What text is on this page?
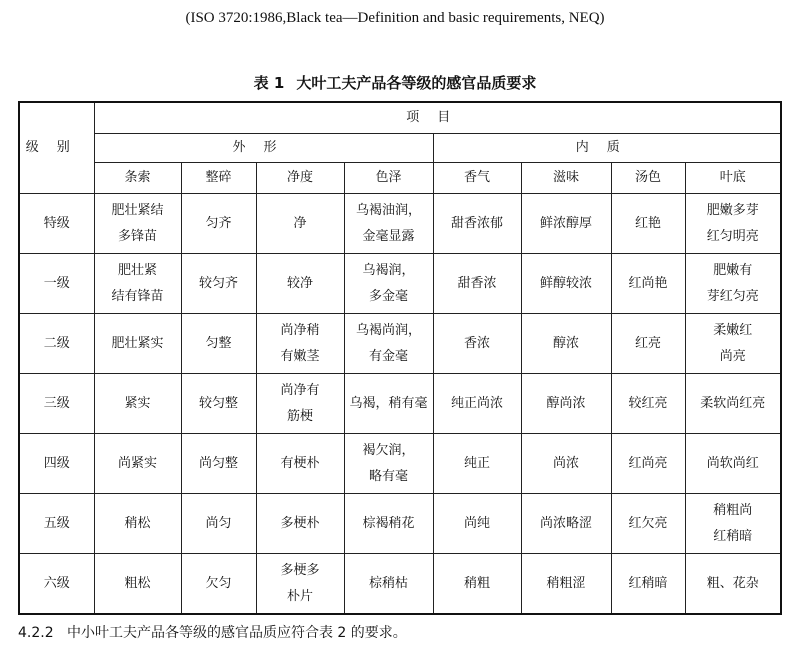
(ISO 3720:1986,Black tea—Definition and basic requirements, NEQ)
表 1 大叶工夫产品各等级的感官品质要求
级别	项目							
	外形				内质			
	条索	整碎	净度	色泽	香气	滋味	汤色	叶底
特级	肥壮紧结
多锋苗	匀齐	净	乌褐油润，
金毫显露	甜香浓郁	鲜浓醇厚	红艳	肥嫩多芽
红匀明亮
一级	肥壮紧
结有锋苗	较匀齐	较净	乌褐润，
多金毫	甜香浓	鲜醇较浓	红尚艳	肥嫩有
芽红匀亮
二级	肥壮紧实	匀整	尚净稍
有嫩茎	乌褐尚润，
有金毫	香浓	醇浓	红亮	柔嫩红
尚亮
三级	紧实	较匀整	尚净有
筋梗	乌褐，稍有毫	纯正尚浓	醇尚浓	较红亮	柔软尚红亮
四级	尚紧实	尚匀整	有梗朴	褐欠润，
略有毫	纯正	尚浓	红尚亮	尚软尚红
五级	稍松	尚匀	多梗朴	棕褐稍花	尚纯	尚浓略涩	红欠亮	稍粗尚
红稍暗
六级	粗松	欠匀	多梗多
朴片	棕稍枯	稍粗	稍粗涩	红稍暗	粗、花杂
4.2.2 中小叶工夫产品各等级的感官品质应符合表 2 的要求。
